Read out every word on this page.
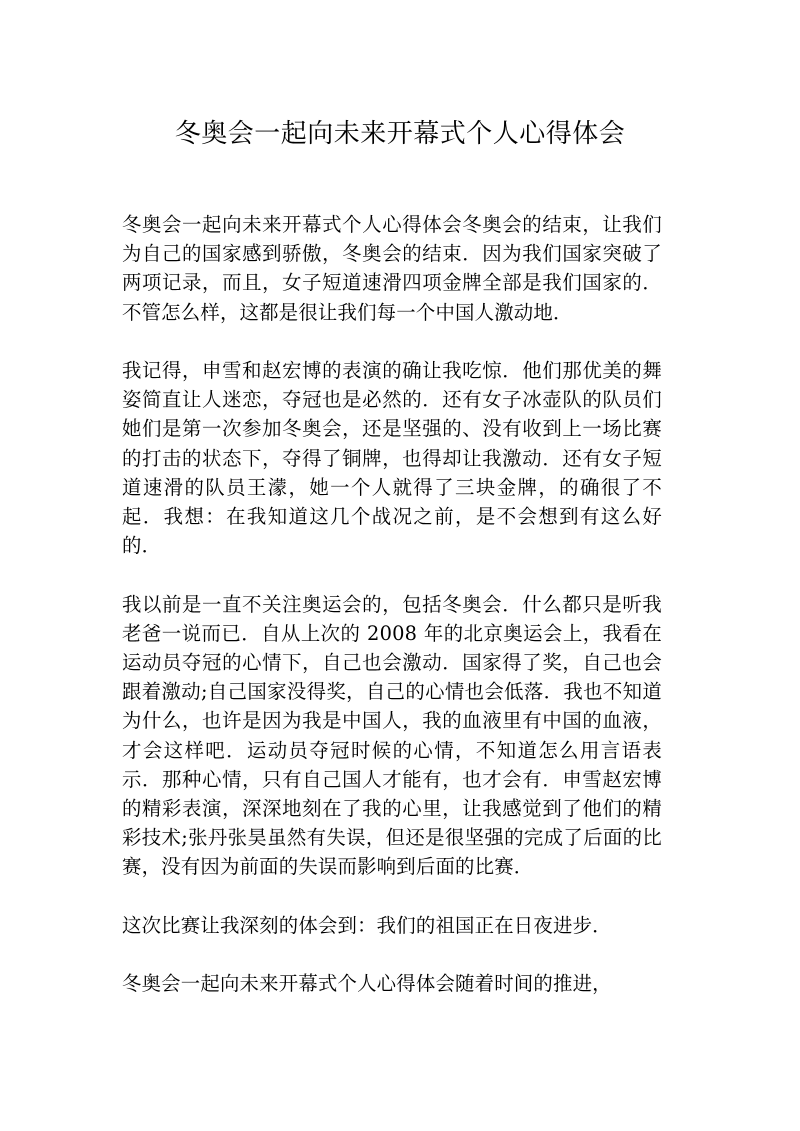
冬奥会一起向未来开幕式个人心得体会

冬奥会一起向未来开幕式个人心得体会冬奥会的结束，让我们为自己的国家感到骄傲，冬奥会的结束．因为我们国家突破了两项记录，而且，女子短道速滑四项金牌全部是我们国家的．不管怎么样，这都是很让我们每一个中国人激动地．

我记得，申雪和赵宏博的表演的确让我吃惊．他们那优美的舞姿简直让人迷恋，夺冠也是必然的．还有女子冰壶队的队员们她们是第一次参加冬奥会，还是坚强的、没有收到上一场比赛的打击的状态下，夺得了铜牌，也得却让我激动．还有女子短道速滑的队员王濛，她一个人就得了三块金牌，的确很了不起．我想：在我知道这几个战况之前，是不会想到有这么好的．

我以前是一直不关注奥运会的，包括冬奥会．什么都只是听我老爸一说而已．自从上次的 2008 年的北京奥运会上，我看在运动员夺冠的心情下，自己也会激动．国家得了奖，自己也会跟着激动;自己国家没得奖，自己的心情也会低落．我也不知道为什么，也许是因为我是中国人，我的血液里有中国的血液，才会这样吧．运动员夺冠时候的心情，不知道怎么用言语表示．那种心情，只有自己国人才能有，也才会有．申雪赵宏博的精彩表演，深深地刻在了我的心里，让我感觉到了他们的精彩技术;张丹张昊虽然有失误，但还是很坚强的完成了后面的比赛，没有因为前面的失误而影响到后面的比赛．

这次比赛让我深刻的体会到：我们的祖国正在日夜进步．

冬奥会一起向未来开幕式个人心得体会随着时间的推进，
